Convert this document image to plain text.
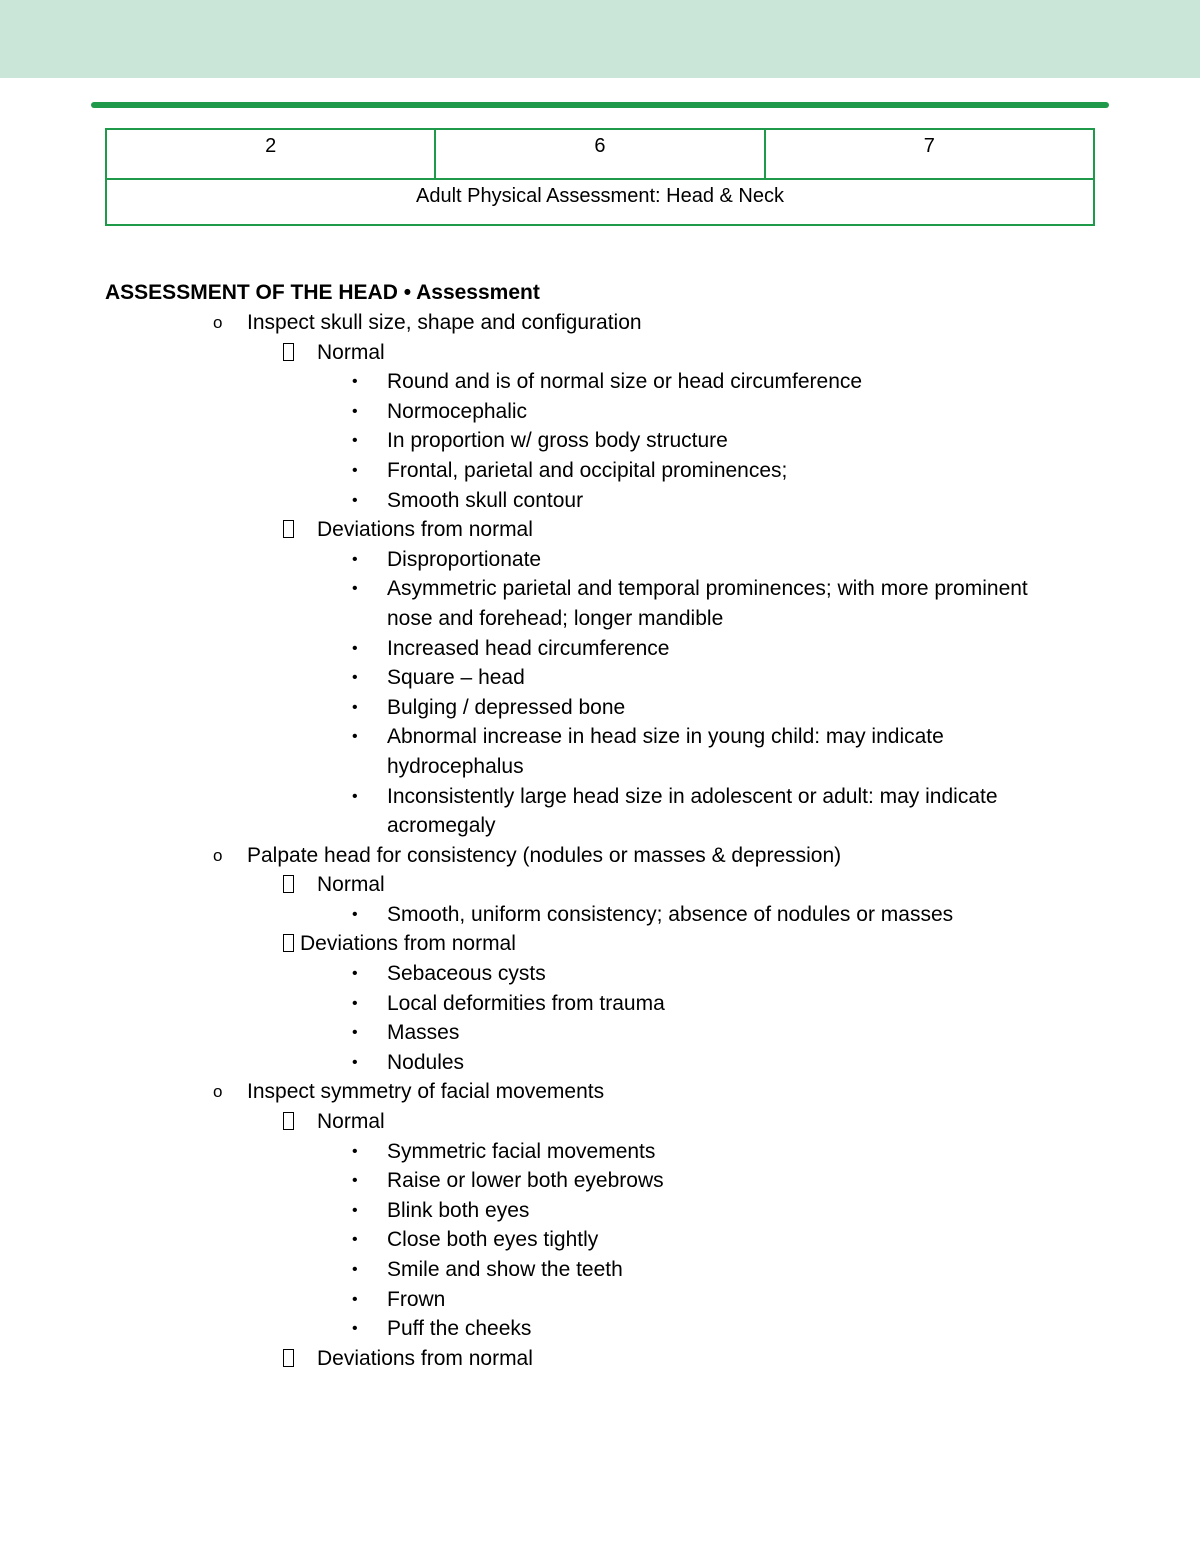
2	6	7
Adult Physical Assessment: Head & Neck
ASSESSMENT OF THE HEAD • Assessment
o Inspect skull size, shape and configuration
Normal
• Round and is of normal size or head circumference
• Normocephalic
• In proportion w/ gross body structure
• Frontal, parietal and occipital prominences;
• Smooth skull contour
Deviations from normal
• Disproportionate
• Asymmetric parietal and temporal prominences; with more prominent
nose and forehead; longer mandible
• Increased head circumference
• Square – head
• Bulging / depressed bone
• Abnormal increase in head size in young child: may indicate
hydrocephalus
• Inconsistently large head size in adolescent or adult: may indicate
acromegaly
o Palpate head for consistency (nodules or masses & depression)
Normal
• Smooth, uniform consistency; absence of nodules or masses
Deviations from normal
• Sebaceous cysts
• Local deformities from trauma
• Masses
• Nodules
o Inspect symmetry of facial movements
Normal
• Symmetric facial movements
• Raise or lower both eyebrows
• Blink both eyes
• Close both eyes tightly
• Smile and show the teeth
• Frown
• Puff the cheeks
Deviations from normal
